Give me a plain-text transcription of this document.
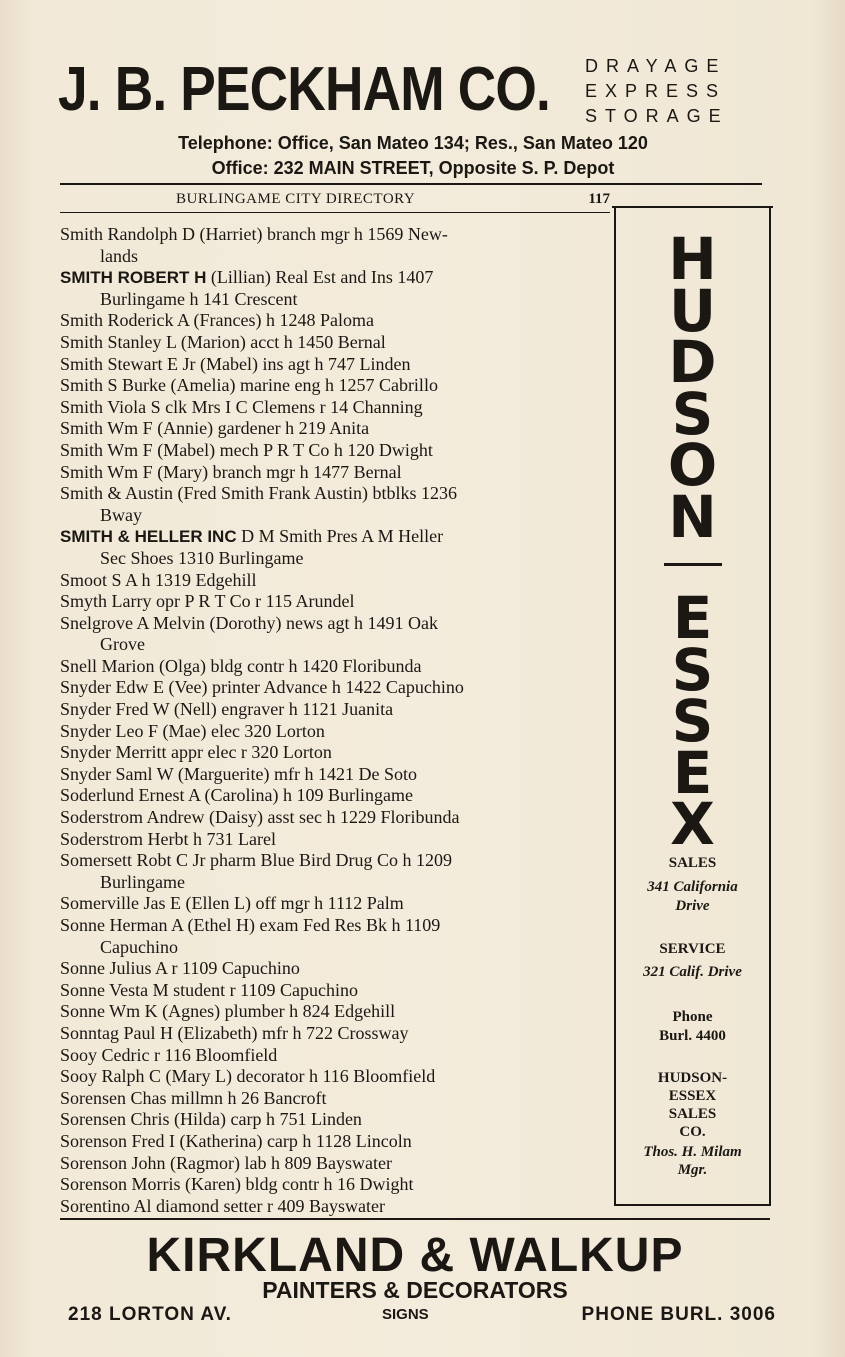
J. B. PECKHAM CO. DRAYAGE
EXPRESS
STORAGE
Telephone: Office, San Mateo 134; Res., San Mateo 120
Office: 232 MAIN STREET, Opposite S. P. Depot
BURLINGAME CITY DIRECTORY	117
Smith Randolph D (Harriet) branch mgr h 1569 New-
lands
SMITH ROBERT H (Lillian) Real Est and Ins 1407
Burlingame h 141 Crescent
Smith Roderick A (Frances) h 1248 Paloma
Smith Stanley L (Marion) acct h 1450 Bernal
Smith Stewart E Jr (Mabel) ins agt h 747 Linden
Smith S Burke (Amelia) marine eng h 1257 Cabrillo
Smith Viola S clk Mrs I C Clemens r 14 Channing
Smith Wm F (Annie) gardener h 219 Anita
Smith Wm F (Mabel) mech P R T Co h 120 Dwight
Smith Wm F (Mary) branch mgr h 1477 Bernal
Smith & Austin (Fred Smith Frank Austin) btblks 1236
Bway
SMITH & HELLER INC D M Smith Pres A M Heller
Sec Shoes 1310 Burlingame
Smoot S A h 1319 Edgehill
Smyth Larry opr P R T Co r 115 Arundel
Snelgrove A Melvin (Dorothy) news agt h 1491 Oak
Grove
Snell Marion (Olga) bldg contr h 1420 Floribunda
Snyder Edw E (Vee) printer Advance h 1422 Capuchino
Snyder Fred W (Nell) engraver h 1121 Juanita
Snyder Leo F (Mae) elec 320 Lorton
Snyder Merritt appr elec r 320 Lorton
Snyder Saml W (Marguerite) mfr h 1421 De Soto
Soderlund Ernest A (Carolina) h 109 Burlingame
Soderstrom Andrew (Daisy) asst sec h 1229 Floribunda
Soderstrom Herbt h 731 Larel
Somersett Robt C Jr pharm Blue Bird Drug Co h 1209
Burlingame
Somerville Jas E (Ellen L) off mgr h 1112 Palm
Sonne Herman A (Ethel H) exam Fed Res Bk h 1109
Capuchino
Sonne Julius A r 1109 Capuchino
Sonne Vesta M student r 1109 Capuchino
Sonne Wm K (Agnes) plumber h 824 Edgehill
Sonntag Paul H (Elizabeth) mfr h 722 Crossway
Sooy Cedric r 116 Bloomfield
Sooy Ralph C (Mary L) decorator h 116 Bloomfield
Sorensen Chas millmn h 26 Bancroft
Sorensen Chris (Hilda) carp h 751 Linden
Sorenson Fred I (Katherina) carp h 1128 Lincoln
Sorenson John (Ragmor) lab h 809 Bayswater
Sorenson Morris (Karen) bldg contr h 16 Dwight
Sorentino Al diamond setter r 409 Bayswater
H
U
D
S
O
N
E
S
S
E
X
SALES
341 California
Drive
SERVICE
321 Calif. Drive
Phone
Burl. 4400
HUDSON-
ESSEX
SALES
CO.
Thos. H. Milam
Mgr.
KIRKLAND & WALKUP
PAINTERS & DECORATORS
218 LORTON AV.	SIGNS	PHONE BURL. 3006
